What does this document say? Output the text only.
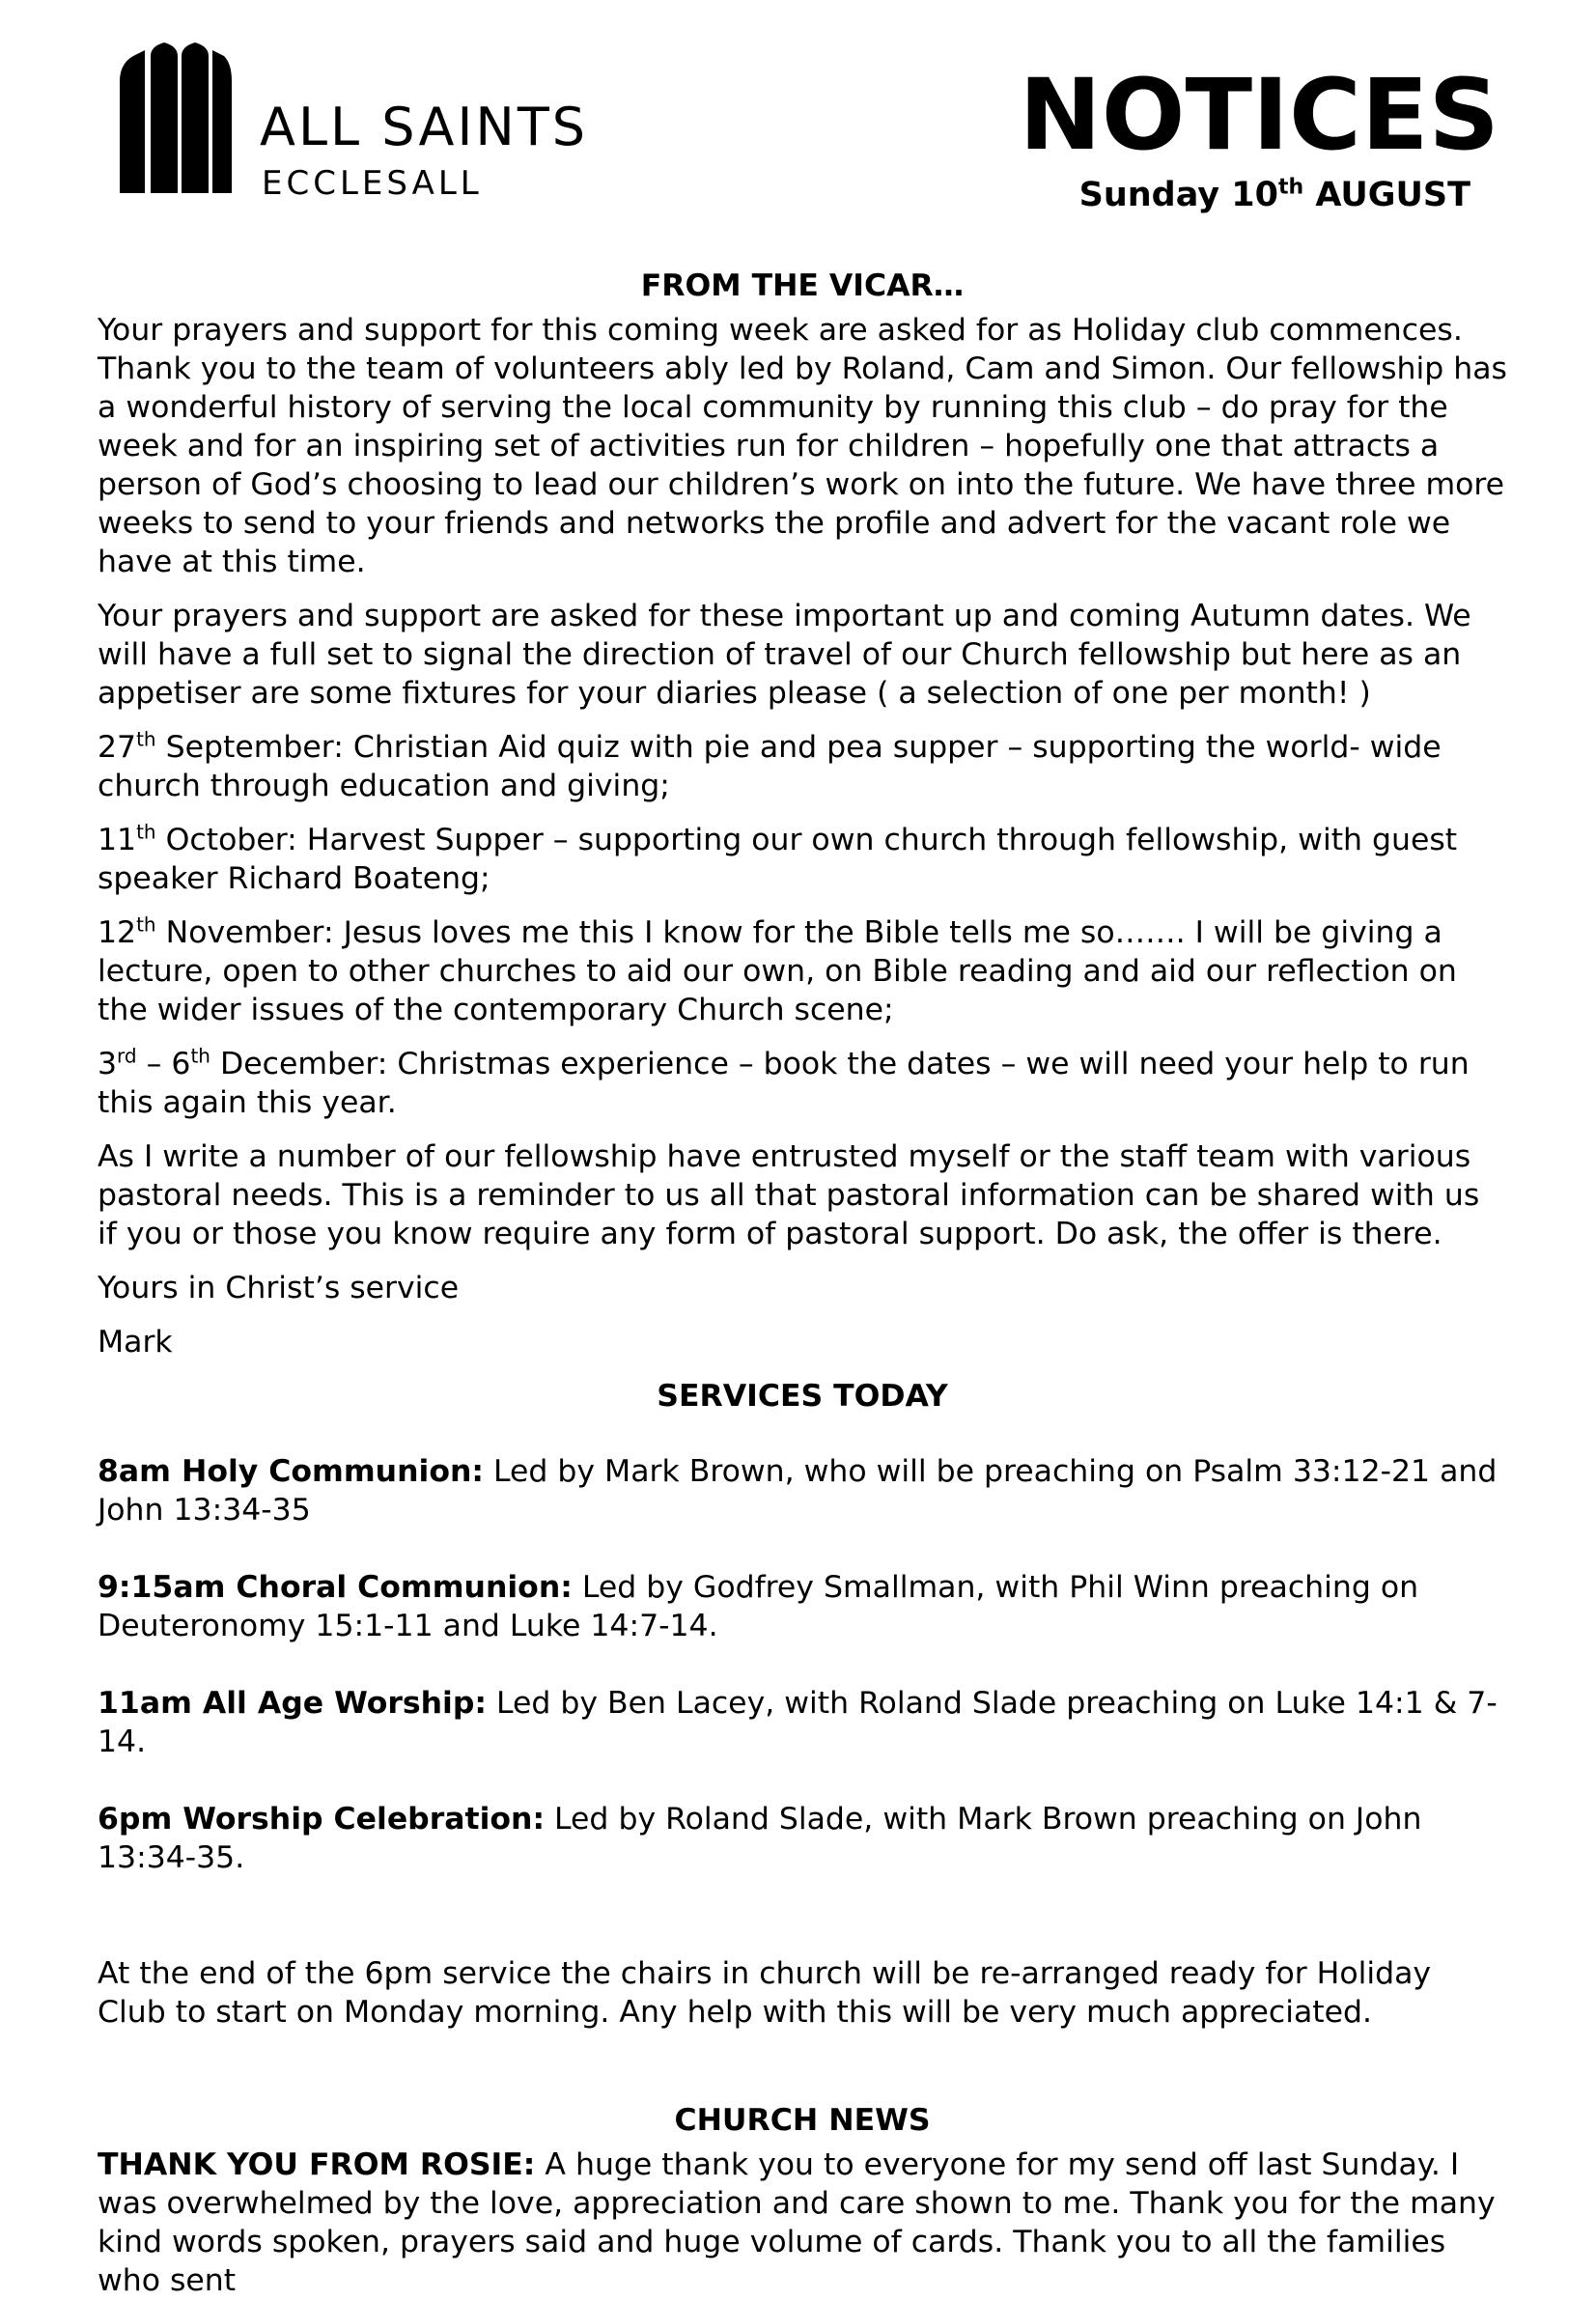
ALL SAINTS
ECCLESALL
NOTICES
Sunday 10th AUGUST

FROM THE VICAR…

Your prayers and support for this coming week are asked for as Holiday club commences. Thank you to the team of volunteers ably led by Roland, Cam and Simon. Our fellowship has a wonderful history of serving the local community by running this club – do pray for the week and for an inspiring set of activities run for children – hopefully one that attracts a person of God’s choosing to lead our children’s work on into the future. We have three more weeks to send to your friends and networks the profile and advert for the vacant role we have at this time.

Your prayers and support are asked for these important up and coming Autumn dates. We will have a full set to signal the direction of travel of our Church fellowship but here as an appetiser are some fixtures for your diaries please ( a selection of one per month! )

27th September: Christian Aid quiz with pie and pea supper – supporting the world- wide church through education and giving;

11th October: Harvest Supper – supporting our own church through fellowship, with guest speaker Richard Boateng;

12th November: Jesus loves me this I know for the Bible tells me so……. I will be giving a lecture, open to other churches to aid our own, on Bible reading and aid our reflection on the wider issues of the contemporary Church scene;

3rd – 6th December: Christmas experience – book the dates – we will need your help to run this again this year.

As I write a number of our fellowship have entrusted myself or the staff team with various pastoral needs. This is a reminder to us all that pastoral information can be shared with us if you or those you know require any form of pastoral support. Do ask, the offer is there.

Yours in Christ’s service

Mark

SERVICES TODAY

8am Holy Communion: Led by Mark Brown, who will be preaching on Psalm 33:12-21 and John 13:34-35

9:15am Choral Communion: Led by Godfrey Smallman, with Phil Winn preaching on Deuteronomy 15:1-11 and Luke 14:7-14.

11am All Age Worship: Led by Ben Lacey, with Roland Slade preaching on Luke 14:1 & 7-14.

6pm Worship Celebration: Led by Roland Slade, with Mark Brown preaching on John 13:34-35.

At the end of the 6pm service the chairs in church will be re-arranged ready for Holiday Club to start on Monday morning. Any help with this will be very much appreciated.

CHURCH NEWS

THANK YOU FROM ROSIE: A huge thank you to everyone for my send off last Sunday. I was overwhelmed by the love, appreciation and care shown to me. Thank you for the many kind words spoken, prayers said and huge volume of cards. Thank you to all the families who sent
